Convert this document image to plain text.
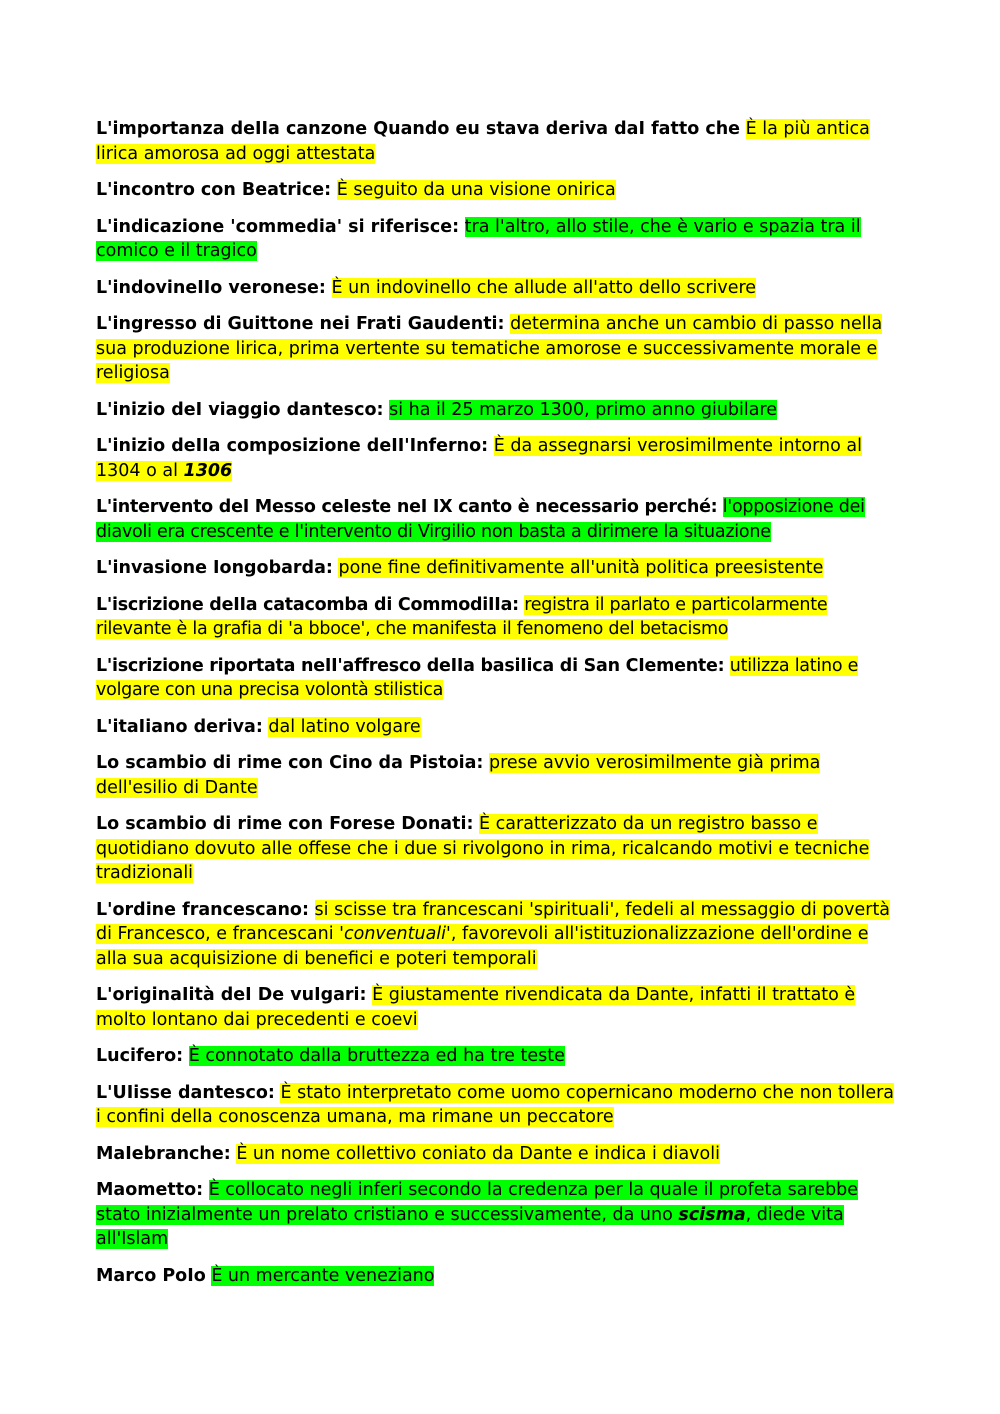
L'importanza deIIa canzone Quando eu stava deriva daI fatto che È la più antica lirica amorosa ad oggi attestata

L'incontro con Beatrice: È seguito da una visione onirica

L'indicazione 'commedia' si riferisce: tra l'altro, allo stile, che è vario e spazia tra il comico e il tragico

L'indovineIIo veronese: È un indovinello che allude all'atto dello scrivere

L'ingresso di Guittone nei Frati Gaudenti: determina anche un cambio di passo nella sua produzione lirica, prima vertente su tematiche amorose e successivamente morale e religiosa

L'inizio deI viaggio dantesco: si ha il 25 marzo 1300, primo anno giubilare

L'inizio deIIa composizione deII'Inferno: È da assegnarsi verosimilmente intorno al 1304 o al 1306

L'intervento deI Messo ceIeste neI IX canto è necessario perché: l'opposizione dei diavoli era crescente e l'intervento di Virgilio non basta a dirimere la situazione

L'invasione Iongobarda: pone fine definitivamente all'unità politica preesistente

L'iscrizione deIIa catacomba di CommodiIIa: registra il parlato e particolarmente rilevante è la grafia di 'a bboce', che manifesta il fenomeno del betacismo

L'iscrizione riportata neII'affresco deIIa basiIica di San CIemente: utilizza latino e volgare con una precisa volontà stilistica

L'itaIiano deriva: dal latino volgare

Lo scambio di rime con Cino da Pistoia: prese avvio verosimilmente già prima dell'esilio di Dante

Lo scambio di rime con Forese Donati: È caratterizzato da un registro basso e quotidiano dovuto alle offese che i due si rivolgono in rima, ricalcando motivi e tecniche tradizionali

L'ordine francescano: si scisse tra francescani 'spirituali', fedeli al messaggio di povertà di Francesco, e francescani 'conventuali', favorevoli all'istituzionalizzazione dell'ordine e alla sua acquisizione di benefici e poteri temporali

L'originaIità deI De vuIgari: È giustamente rivendicata da Dante, infatti il trattato è molto lontano dai precedenti e coevi

Lucifero: È connotato dalla bruttezza ed ha tre teste

L'UIisse dantesco: È stato interpretato come uomo copernicano moderno che non tollera i confini della conoscenza umana, ma rimane un peccatore

MaIebranche: È un nome collettivo coniato da Dante e indica i diavoli

Maometto: È collocato negli inferi secondo la credenza per la quale il profeta sarebbe stato inizialmente un prelato cristiano e successivamente, da uno scisma, diede vita all'Islam

Marco PoIo È un mercante veneziano
